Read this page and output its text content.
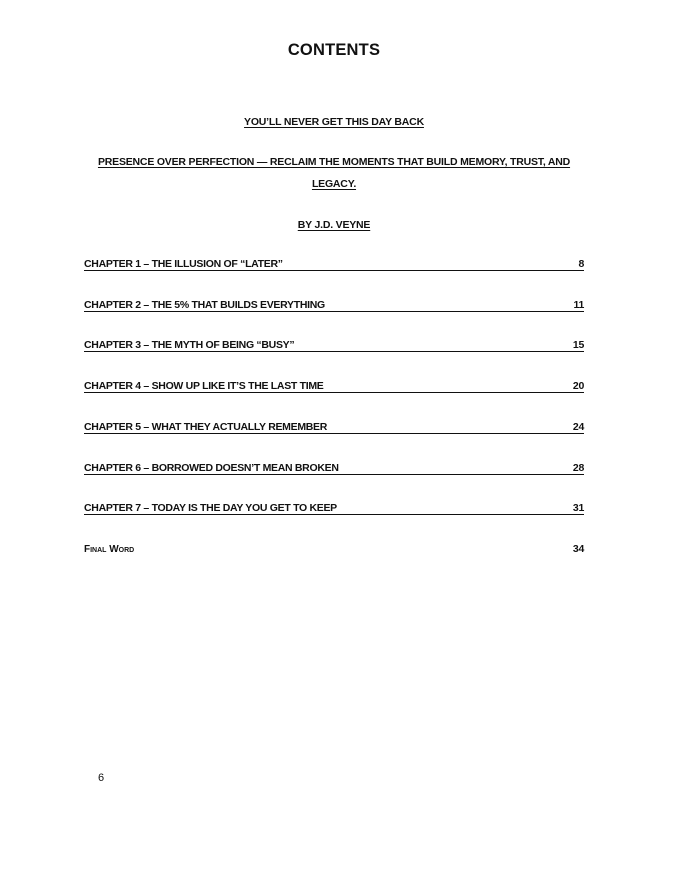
CONTENTS
YOU’LL NEVER GET THIS DAY BACK
PRESENCE OVER PERFECTION — RECLAIM THE MOMENTS THAT BUILD MEMORY, TRUST, AND LEGACY.
BY J.D. VEYNE
CHAPTER 1 – THE ILLUSION OF “LATER”	8
CHAPTER 2 – THE 5% THAT BUILDS EVERYTHING	11
CHAPTER 3 – THE MYTH OF BEING “BUSY”	15
CHAPTER 4 – SHOW UP LIKE IT’S THE LAST TIME	20
CHAPTER 5 – WHAT THEY ACTUALLY REMEMBER	24
CHAPTER 6 – BORROWED DOESN’T MEAN BROKEN	28
CHAPTER 7 – TODAY IS THE DAY YOU GET TO KEEP	31
Final Word	34
6
